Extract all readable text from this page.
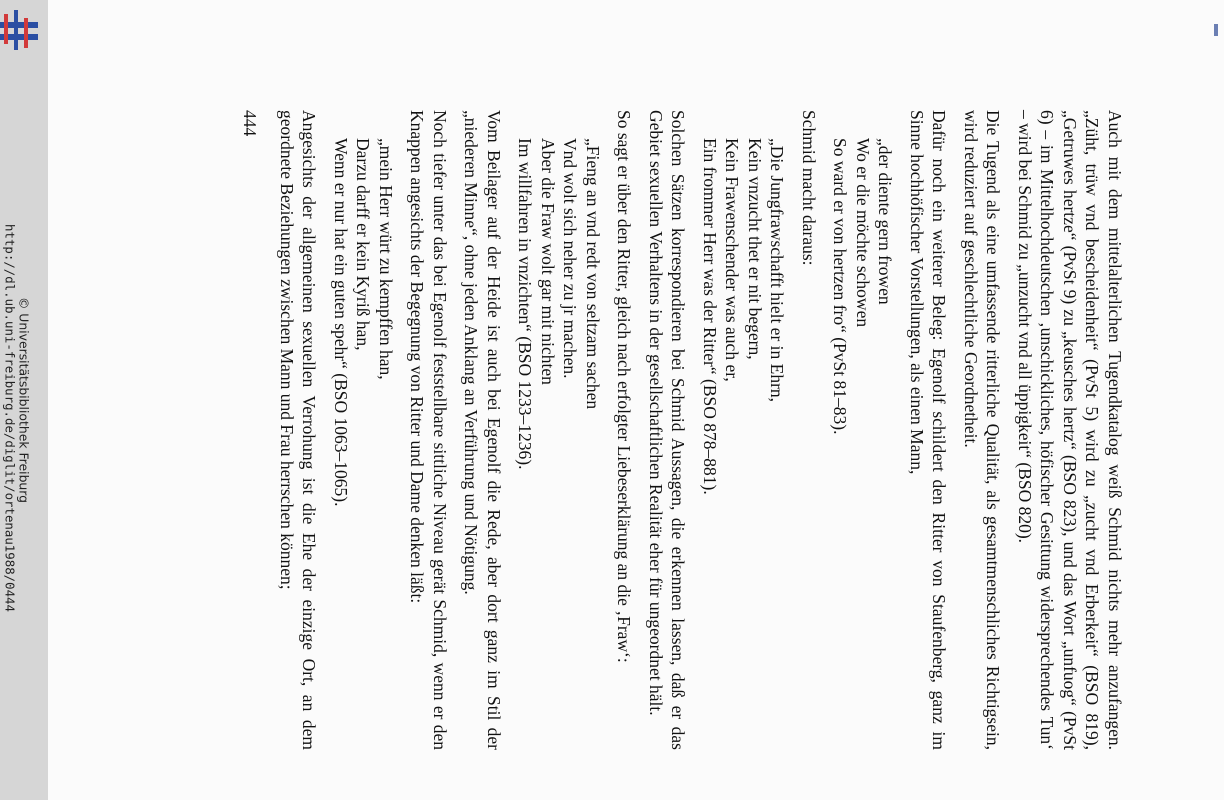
http://dl.ub.uni-freiburg.de/diglit/ortenau1988/0444 © Universitätsbibliothek Freiburg	Auch mit dem mittelalterlichen Tugendkatalog weiß Schmid nichts mehr anzufangen. „Züht, trüw vnd bescheidenheit“ (PvSt 5) wird zu „zucht vnd Erberkeit“ (BSO 819), „Getruwes hertze“ (PvSt 9) zu „keusches hertz“ (BSO 823), und das Wort „unfuog“ (PvSt 6) – im Mittelhochdeutschen ‚unschickliches, höfischer Gesittung widersprechendes Tun‘ – wird bei Schmid zu „unzucht vnd all üppigkeit“ (BSO 820).

Die Tugend als eine umfassende ritterliche Qualität, als gesamtmenschliches Richtigsein, wird reduziert auf geschlechtliche Geordnetheit.

Dafür noch ein weiterer Beleg: Egenolf schildert den Ritter von Staufenberg, ganz im Sinne hochhöfischer Vorstellungen, als einen Mann,

„der diente gern frowen
Wo er die möchte schowen
So ward er von hertzen fro“ (PvSt 81–83).

Schmid macht daraus:

„Die Jungfrawschafft hielt er in Ehrn,
Kein vnzucht thet er nit begern,
Kein Frawenschender was auch er,
Ein frommer Herr was der Ritter“ (BSO 878–881).

Solchen Sätzen korrespondieren bei Schmid Aussagen, die erkennen lassen, daß er das Gebiet sexuellen Verhaltens in der gesellschaftlichen Realität eher für ungeordnet hält.

So sagt er über den Ritter, gleich nach erfolgter Liebeserklärung an die ‚Fraw‘:

„Fieng an vnd redt von seltzam sachen
Vnd wolt sich neher zu jr machen.
Aber die Fraw wolt gar mit nichten
Im willfahren in vnzichten“ (BSO 1233–1236).

Vom Beilager auf der Heide ist auch bei Egenolf die Rede, aber dort ganz im Stil der „niederen Minne“, ohne jeden Anklang an Verführung und Nötigung.

Noch tiefer unter das bei Egenolf feststellbare sittliche Niveau gerät Schmid, wenn er den Knappen angesichts der Begegnung von Ritter und Dame denken läßt:

„mein Herr würt zu kempffen han,
Darzu darff er kein Kyriß han,
Wenn er nur hat ein guten spehr“ (BSO 1063–1065).

Angesichts der allgemeinen sexuellen Verrohung ist die Ehe der einzige Ort, an dem geordnete Beziehungen zwischen Mann und Frau herrschen können;

444
